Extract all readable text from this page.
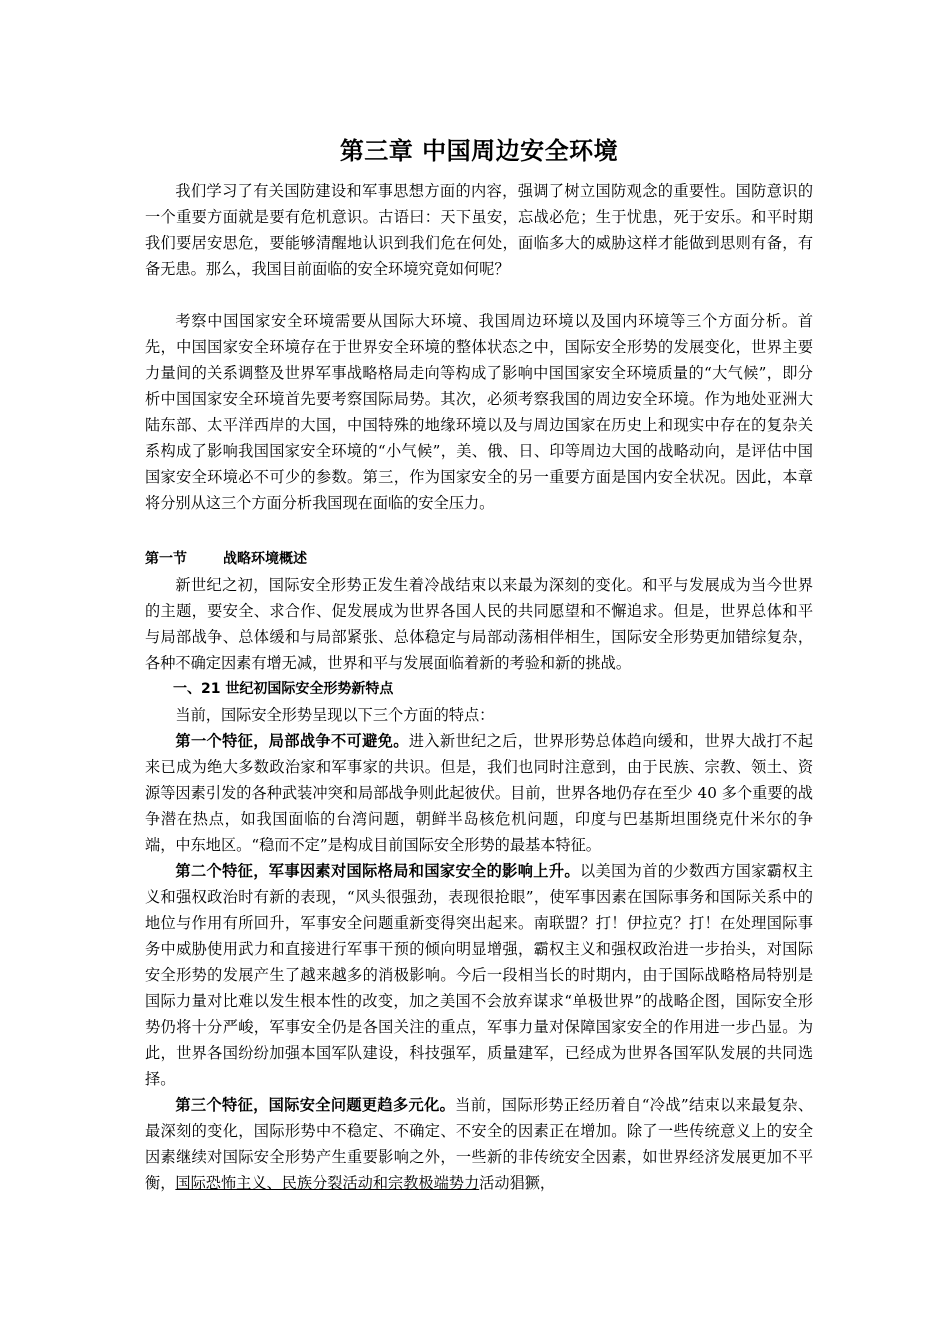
第三章 中国周边安全环境

我们学习了有关国防建设和军事思想方面的内容，强调了树立国防观念的重要性。国防意识的一个重要方面就是要有危机意识。古语曰：天下虽安，忘战必危；生于忧患，死于安乐。和平时期我们要居安思危，要能够清醒地认识到我们危在何处，面临多大的威胁这样才能做到思则有备，有备无患。那么，我国目前面临的安全环境究竟如何呢？

考察中国国家安全环境需要从国际大环境、我国周边环境以及国内环境等三个方面分析。首先，中国国家安全环境存在于世界安全环境的整体状态之中，国际安全形势的发展变化，世界主要力量间的关系调整及世界军事战略格局走向等构成了影响中国国家安全环境质量的“大气候”，即分析中国国家安全环境首先要考察国际局势。其次，必须考察我国的周边安全环境。作为地处亚洲大陆东部、太平洋西岸的大国，中国特殊的地缘环境以及与周边国家在历史上和现实中存在的复杂关系构成了影响我国国家安全环境的“小气候”，美、俄、日、印等周边大国的战略动向，是评估中国国家安全环境必不可少的参数。第三，作为国家安全的另一重要方面是国内安全状况。因此，本章将分别从这三个方面分析我国现在面临的安全压力。

第一节	战略环境概述

新世纪之初，国际安全形势正发生着冷战结束以来最为深刻的变化。和平与发展成为当今世界的主题，要安全、求合作、促发展成为世界各国人民的共同愿望和不懈追求。但是，世界总体和平与局部战争、总体缓和与局部紧张、总体稳定与局部动荡相伴相生，国际安全形势更加错综复杂，各种不确定因素有增无减，世界和平与发展面临着新的考验和新的挑战。

一、21 世纪初国际安全形势新特点

当前，国际安全形势呈现以下三个方面的特点：

第一个特征，局部战争不可避免。进入新世纪之后，世界形势总体趋向缓和，世界大战打不起来已成为绝大多数政治家和军事家的共识。但是，我们也同时注意到，由于民族、宗教、领土、资源等因素引发的各种武装冲突和局部战争则此起彼伏。目前，世界各地仍存在至少 40 多个重要的战争潜在热点，如我国面临的台湾问题，朝鲜半岛核危机问题，印度与巴基斯坦围绕克什米尔的争端，中东地区。“稳而不定”是构成目前国际安全形势的最基本特征。

第二个特征，军事因素对国际格局和国家安全的影响上升。以美国为首的少数西方国家霸权主义和强权政治时有新的表现，“风头很强劲，表现很抢眼”，使军事因素在国际事务和国际关系中的地位与作用有所回升，军事安全问题重新变得突出起来。南联盟？打！伊拉克？打！在处理国际事务中威胁使用武力和直接进行军事干预的倾向明显增强，霸权主义和强权政治进一步抬头，对国际安全形势的发展产生了越来越多的消极影响。今后一段相当长的时期内，由于国际战略格局特别是国际力量对比难以发生根本性的改变，加之美国不会放弃谋求“单极世界”的战略企图，国际安全形势仍将十分严峻，军事安全仍是各国关注的重点，军事力量对保障国家安全的作用进一步凸显。为此，世界各国纷纷加强本国军队建设，科技强军，质量建军，已经成为世界各国军队发展的共同选择。

第三个特征，国际安全问题更趋多元化。当前，国际形势正经历着自“冷战”结束以来最复杂、最深刻的变化，国际形势中不稳定、不确定、不安全的因素正在增加。除了一些传统意义上的安全因素继续对国际安全形势产生重要影响之外，一些新的非传统安全因素，如世界经济发展更加不平衡，国际恐怖主义、民族分裂活动和宗教极端势力活动猖獗，
